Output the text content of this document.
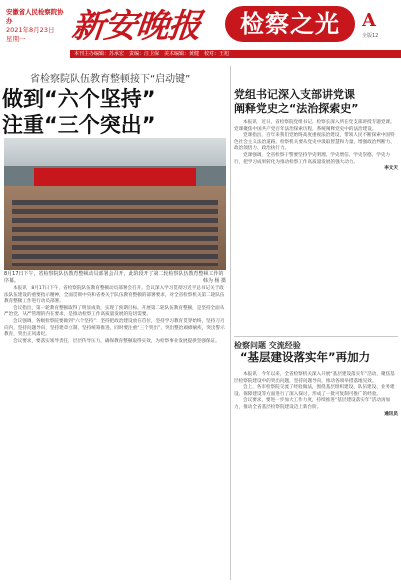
安徽省人民检察院协办
2021年8月23日
星期一	新安晚报	检察之光	A
全版12
本刊主办编辑：苏承宏　责编：汪卫保　美术编辑：黄健　校对：王旭
省检察院队伍教育整顿接下“启动键”
做到“六个坚持”
注重“三个突出”
8月17日下午，省检察院队伍教育整顿动员部署会召开，此阶段开了第二轮检察队伍教育整顿工作的序幕。	韩为 杨 摄

本报讯　8月17日下午，省检察院队伍教育整顿动员部署会召开。会议深入学习贯彻习近平总书记关于政法队伍建设的重要指示精神，全面贯彻中央和省委关于队伍教育整顿的部署要求，对全省检察机关第二轮队伍教育整顿工作进行动员部署。

会议指出，第一轮教育整顿取得了明显成效，实现了预期目标。开展第二轮队伍教育整顿，是坚持全面从严治党、从严管理的内在要求，是推动检察工作高质量发展的迫切需要。

会议强调，各级检察院要做到“六个坚持”：坚持把政治建设放在首位，坚持学习教育贯穿始终，坚持刀刃向内，坚持问题导向，坚持建章立制，坚持统筹推进。同时要注重“三个突出”，突出整治顽瘴痼疾，突出警示教育，突出正风肃纪。

会议要求，要落实领导责任，层层传导压力，确保教育整顿取得实效，为检察事业发展提供坚强保证。

党组书记深入支部讲党课
阐释党史之“法治探索史”

本报讯　近日，省检察院党组书记、检察长深入所在党支部讲授专题党课。党课聚焦中国共产党百年法治探索历程，系统阐释党史中的法治建设。

党课指出，百年来我们党始终高度重视法治建设，带领人民不断探索中国特色社会主义法治道路。检察机关要从党史中汲取智慧和力量，增强政治判断力、政治领悟力、政治执行力。

党课强调，全省检察干警要坚持学史明理、学史增信、学史崇德、学史力行，把学习成果转化为推动检察工作高质量发展的强大动力。

李文天
检察问题 交流经验
“基层建设落实年”再加力

本报讯　今年以来，全省检察机关深入开展“基层建设落实年”活动，聚焦基层检察院建设中的突出问题，坚持问题导向，推动各项举措落地见效。

会上，各市检察院交流了经验做法，围绕基层组织建设、队伍建设、业务建设、保障建设等方面进行了深入探讨，形成了一批可复制可推广的经验。

会议要求，要进一步加大工作力度，持续推进“基层建设落实年”活动再加力，推动全省基层检察院建设迈上新台阶。

通讯员
